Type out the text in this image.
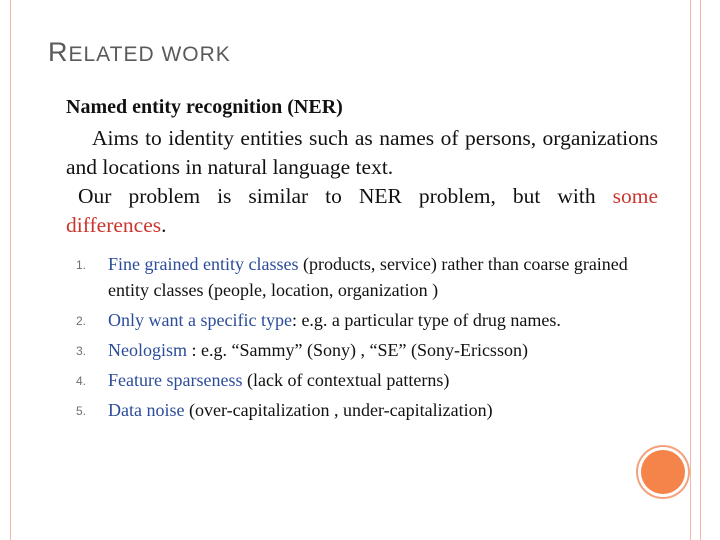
RELATED WORK

Named entity recognition (NER)

Aims to identity entities such as names of persons, organizations and locations in natural language text.

Our problem is similar to NER problem, but with some differences.

1. Fine grained entity classes (products, service) rather than coarse grained entity classes (people, location, organization )
2. Only want a specific type: e.g. a particular type of drug names.
3. Neologism : e.g. “Sammy” (Sony) , “SE” (Sony-Ericsson)
4. Feature sparseness (lack of contextual patterns)
5. Data noise (over-capitalization , under-capitalization)
